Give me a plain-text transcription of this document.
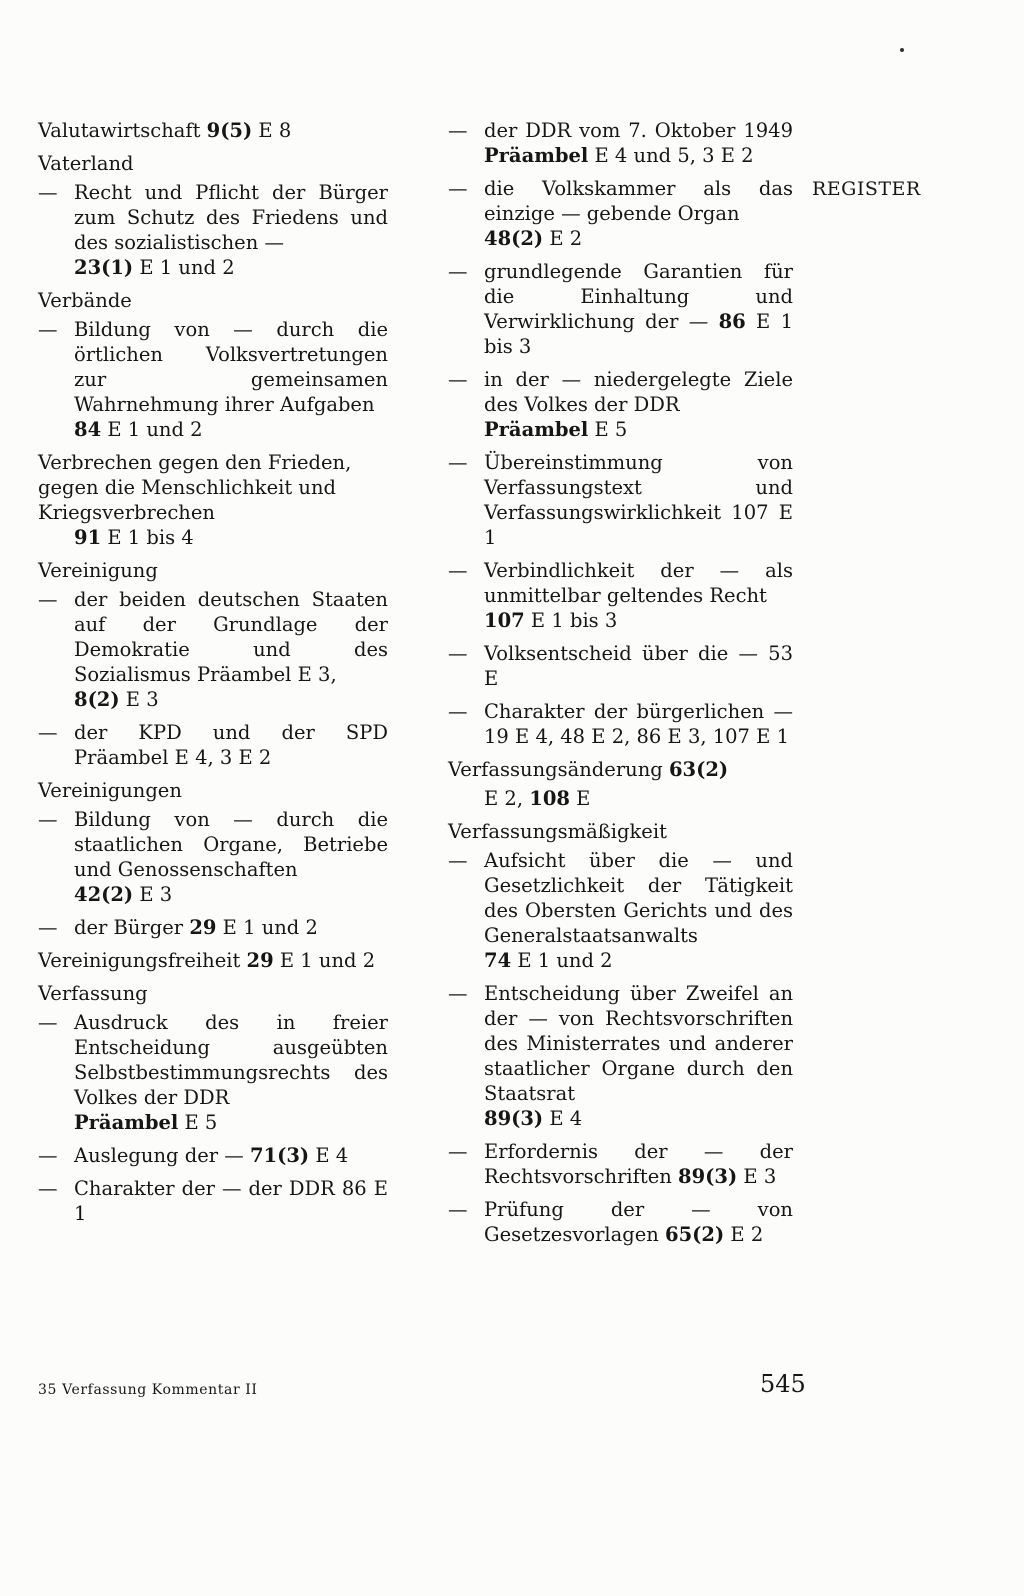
REGISTER
Valutawirtschaft 9(5) E 8
Vaterland
— Recht und Pflicht der Bürger zum Schutz des Friedens und des sozialistischen —
23(1) E 1 und 2
Verbände
— Bildung von — durch die örtlichen Volksvertretungen zur gemeinsamen Wahrnehmung ihrer Aufgaben
84 E 1 und 2
Verbrechen gegen den Frieden, gegen die Menschlichkeit und Kriegsverbrechen
91 E 1 bis 4
Vereinigung
— der beiden deutschen Staaten auf der Grundlage der Demokratie und des Sozialismus Präambel E 3,
8(2) E 3
— der KPD und der SPD Präambel E 4, 3 E 2
Vereinigungen
— Bildung von — durch die staatlichen Organe, Betriebe und Genossenschaften
42(2) E 3
— der Bürger 29 E 1 und 2
Vereinigungsfreiheit 29 E 1 und 2
Verfassung
— Ausdruck des in freier Entscheidung ausgeübten Selbstbestimmungsrechts des Volkes der DDR
Präambel E 5
— Auslegung der — 71(3) E 4
— Charakter der — der DDR 86 E 1
— der DDR vom 7. Oktober 1949 Präambel E 4 und 5, 3 E 2
— die Volkskammer als das einzige — gebende Organ
48(2) E 2
— grundlegende Garantien für die Einhaltung und Verwirklichung der — 86 E 1 bis 3
— in der — niedergelegte Ziele des Volkes der DDR
Präambel E 5
— Übereinstimmung von Verfassungstext und Verfassungswirklichkeit 107 E 1
— Verbindlichkeit der — als unmittelbar geltendes Recht
107 E 1 bis 3
— Volksentscheid über die — 53 E
— Charakter der bürgerlichen — 19 E 4, 48 E 2, 86 E 3, 107 E 1
Verfassungsänderung 63(2)
E 2, 108 E
Verfassungsmäßigkeit
— Aufsicht über die — und Gesetzlichkeit der Tätigkeit des Obersten Gerichts und des Generalstaatsanwalts
74 E 1 und 2
— Entscheidung über Zweifel an der — von Rechtsvorschriften des Ministerrates und anderer staatlicher Organe durch den Staatsrat
89(3) E 4
— Erfordernis der — der Rechtsvorschriften 89(3) E 3
— Prüfung der — von Gesetzesvorlagen 65(2) E 2
35 Verfassung Kommentar II	545
